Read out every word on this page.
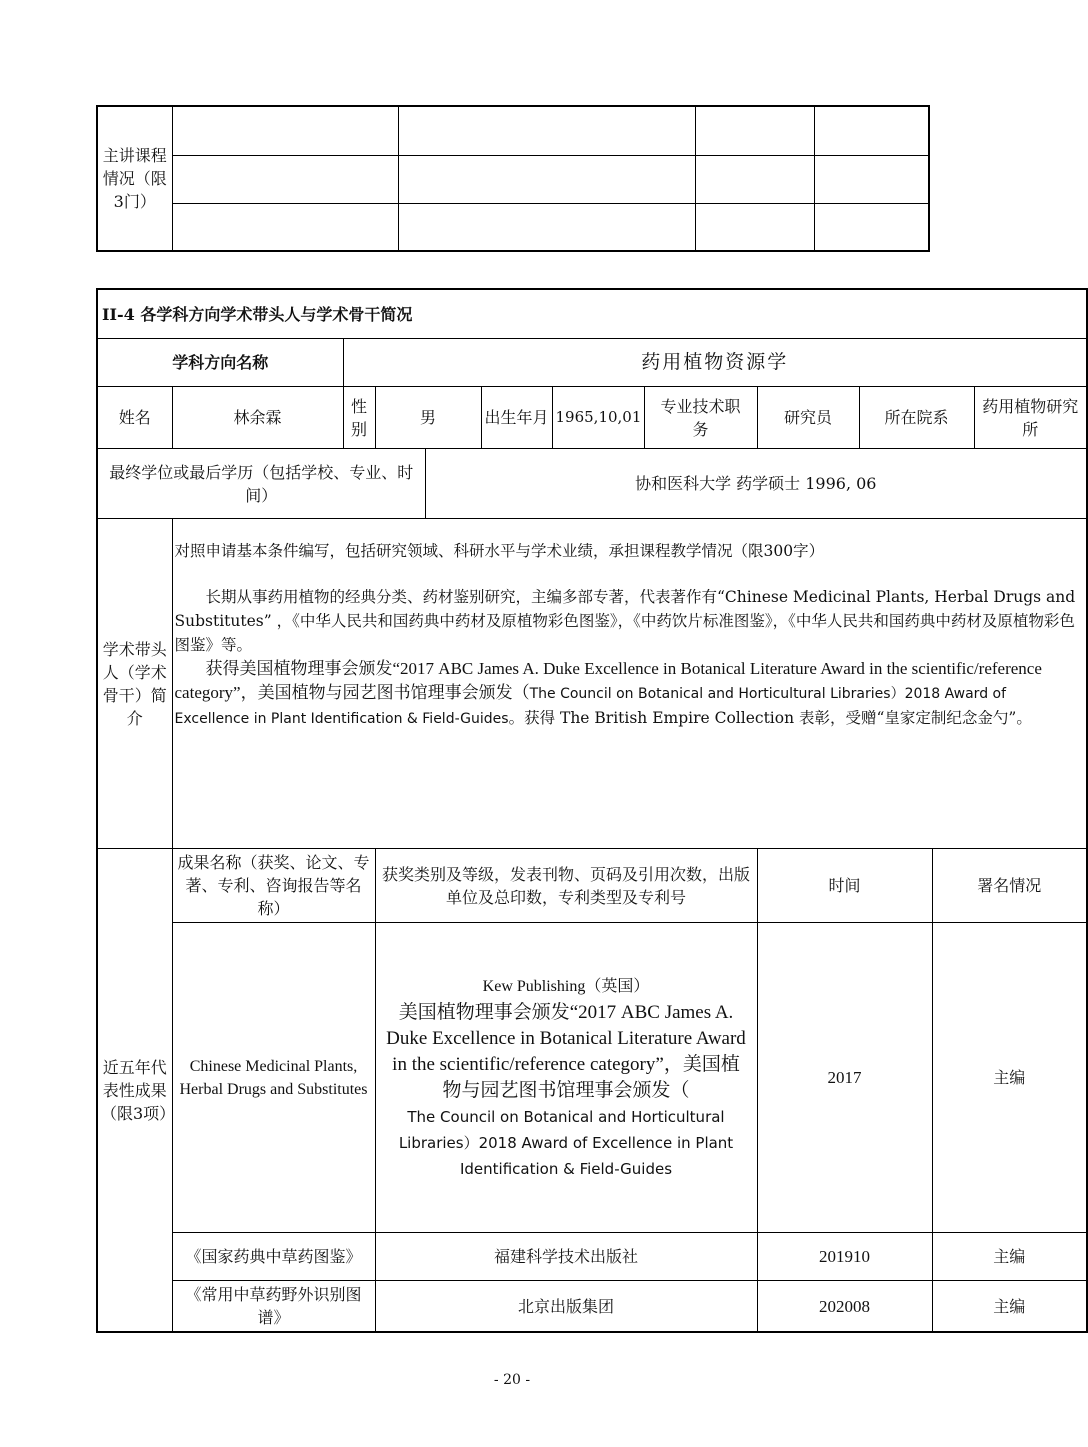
主讲课程情况（限3门）				

II-4 各学科方向学术带头人与学术骨干简况											
学科方向名称		药用植物资源学									
姓名	林余霖	性别	男		出生年月	1965,10,01	专业技术职　务	研究员	所在院系		药用植物研究所
最终学位或最后学历（包括学校、专业、时间）				协和医科大学 药学硕士 1996, 06							
学术带头人（学术骨干）简介	对照申请基本条件编写，包括研究领域、科研水平与学术业绩，承担课程教学情况（限300字）

长期从事药用植物的经典分类、药材鉴别研究，主编多部专著，代表著作有“Chinese Medicinal Plants, Herbal Drugs and Substitutes” ，《中华人民共和国药典中药材及原植物彩色图鉴》，《中药饮片标准图鉴》，《中华人民共和国药典中药材及原植物彩色图鉴》等。

获得美国植物理事会颁发“2017 ABC James A. Duke Excellence in Botanical Literature Award in the scientific/reference category”，美国植物与园艺图书馆理事会颁发（The Council on Botanical and Horticultural Libraries）2018 Award of Excellence in Plant Identification & Field-Guides。获得 The British Empire Collection 表彰，受赠“皇家定制纪念金勺”。										

近五年代表性成果（限3项）	成果名称（获奖、论文、专著、专利、咨询报告等名称）		获奖类别及等级，发表刊物、页码及引用次数，出版单位及总印数，专利类型及专利号					时间		署名情况	
	Chinese Medicinal Plants, Herbal Drugs and Substitutes		Kew Publishing（英国）
美国植物理事会颁发“2017 ABC James A. Duke Excellence in Botanical Literature Award in the scientific/reference category”，美国植物与园艺图书馆理事会颁发（
The Council on Botanical and Horticultural Libraries）2018 Award of Excellence in Plant Identification & Field-Guides					2017		主编	
	《国家药典中草药图鉴》		福建科学技术出版社					201910		主编	
	《常用中草药野外识别图谱》		北京出版集团					202008		主编	
- 20 -
